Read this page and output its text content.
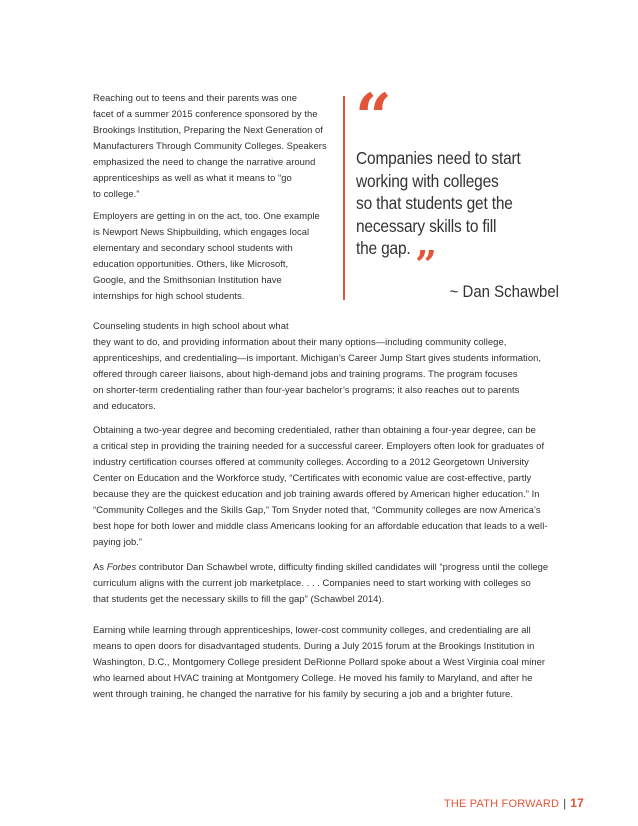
Reaching out to teens and their parents was one
facet of a summer 2015 conference sponsored by the
Brookings Institution, Preparing the Next Generation of
Manufacturers Through Community Colleges. Speakers
emphasized the need to change the narrative around
apprenticeships as well as what it means to “go
to college.”
Employers are getting in on the act, too. One example
is Newport News Shipbuilding, which engages local
elementary and secondary school students with
education opportunities. Others, like Microsoft,
Google, and the Smithsonian Institution have
internships for high school students.
“
Companies need to start
working with colleges
so that students get the
necessary skills to fill
the gap. ”
~ Dan Schawbel
Counseling students in high school about what
they want to do, and providing information about their many options—including community college,
apprenticeships, and credentialing—is important. Michigan’s Career Jump Start gives students information,
offered through career liaisons, about high-demand jobs and training programs. The program focuses
on shorter-term credentialing rather than four-year bachelor’s programs; it also reaches out to parents
and educators.
Obtaining a two-year degree and becoming credentialed, rather than obtaining a four-year degree, can be
a critical step in providing the training needed for a successful career. Employers often look for graduates of
industry certification courses offered at community colleges. According to a 2012 Georgetown University
Center on Education and the Workforce study, “Certificates with economic value are cost-effective, partly
because they are the quickest education and job training awards offered by American higher education.” In
“Community Colleges and the Skills Gap,” Tom Snyder noted that, “Community colleges are now America’s
best hope for both lower and middle class Americans looking for an affordable education that leads to a well-
paying job.”
As Forbes contributor Dan Schawbel wrote, difficulty finding skilled candidates will “progress until the college
curriculum aligns with the current job marketplace. . . . Companies need to start working with colleges so
that students get the necessary skills to fill the gap” (Schawbel 2014).
Earning while learning through apprenticeships, lower-cost community colleges, and credentialing are all
means to open doors for disadvantaged students. During a July 2015 forum at the Brookings Institution in
Washington, D.C., Montgomery College president DeRionne Pollard spoke about a West Virginia coal miner
who learned about HVAC training at Montgomery College. He moved his family to Maryland, and after he
went through training, he changed the narrative for his family by securing a job and a brighter future.
THE PATH FORWARD | 17
